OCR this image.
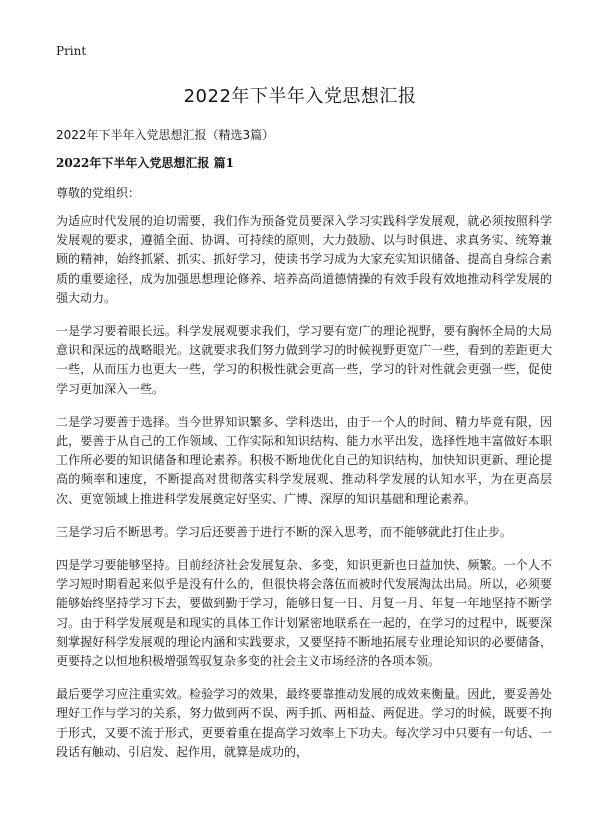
Print
2022年下半年入党思想汇报

2022年下半年入党思想汇报（精选3篇）

2022年下半年入党思想汇报 篇1

尊敬的党组织：

为适应时代发展的迫切需要，我们作为预备党员要深入学习实践科学发展观，就必须按照科学发展观的要求，遵循全面、协调、可持续的原则，大力鼓励、以与时俱进、求真务实、统筹兼顾的精神，始终抓紧、抓实、抓好学习，使读书学习成为大家充实知识储备、提高自身综合素质的重要途径，成为加强思想理论修养、培养高尚道德情操的有效手段有效地推动科学发展的强大动力。

一是学习要着眼长远。科学发展观要求我们，学习要有宽广的理论视野，要有胸怀全局的大局意识和深远的战略眼光。这就要求我们努力做到学习的时候视野更宽广一些，看到的差距更大一些，从而压力也更大一些，学习的积极性就会更高一些，学习的针对性就会更强一些，促使学习更加深入一些。

二是学习要善于选择。当今世界知识繁多、学科迭出，由于一个人的时间、精力毕竟有限，因此，要善于从自己的工作领域、工作实际和知识结构、能力水平出发，选择性地丰富做好本职工作所必要的知识储备和理论素养。积极不断地优化自己的知识结构，加快知识更新、理论提高的频率和速度，不断提高对贯彻落实科学发展观、推动科学发展的认知水平，为在更高层次、更宽领域上推进科学发展奠定好坚实、广博、深厚的知识基础和理论素养。

三是学习后不断思考。学习后还要善于进行不断的深入思考，而不能够就此打住止步。

四是学习要能够坚持。目前经济社会发展复杂、多变，知识更新也日益加快、频繁。一个人不学习短时期看起来似乎是没有什么的，但很快将会落伍而被时代发展淘汰出局。所以，必须要能够始终坚持学习下去，要做到勤于学习，能够日复一日、月复一月、年复一年地坚持不断学习。由于科学发展观是和现实的具体工作计划紧密地联系在一起的，在学习的过程中，既要深刻掌握好科学发展观的理论内涵和实践要求，又要坚持不断地拓展专业理论知识的必要储备，更要持之以恒地积极增强驾驭复杂多变的社会主义市场经济的各项本领。

最后要学习应注重实效。检验学习的效果，最终要靠推动发展的成效来衡量。因此，要妥善处理好工作与学习的关系，努力做到两不误、两手抓、两相益、两促进。学习的时候，既要不拘于形式，又要不流于形式，更要着重在提高学习效率上下功夫。每次学习中只要有一句话、一段话有触动、引启发、起作用，就算是成功的，
